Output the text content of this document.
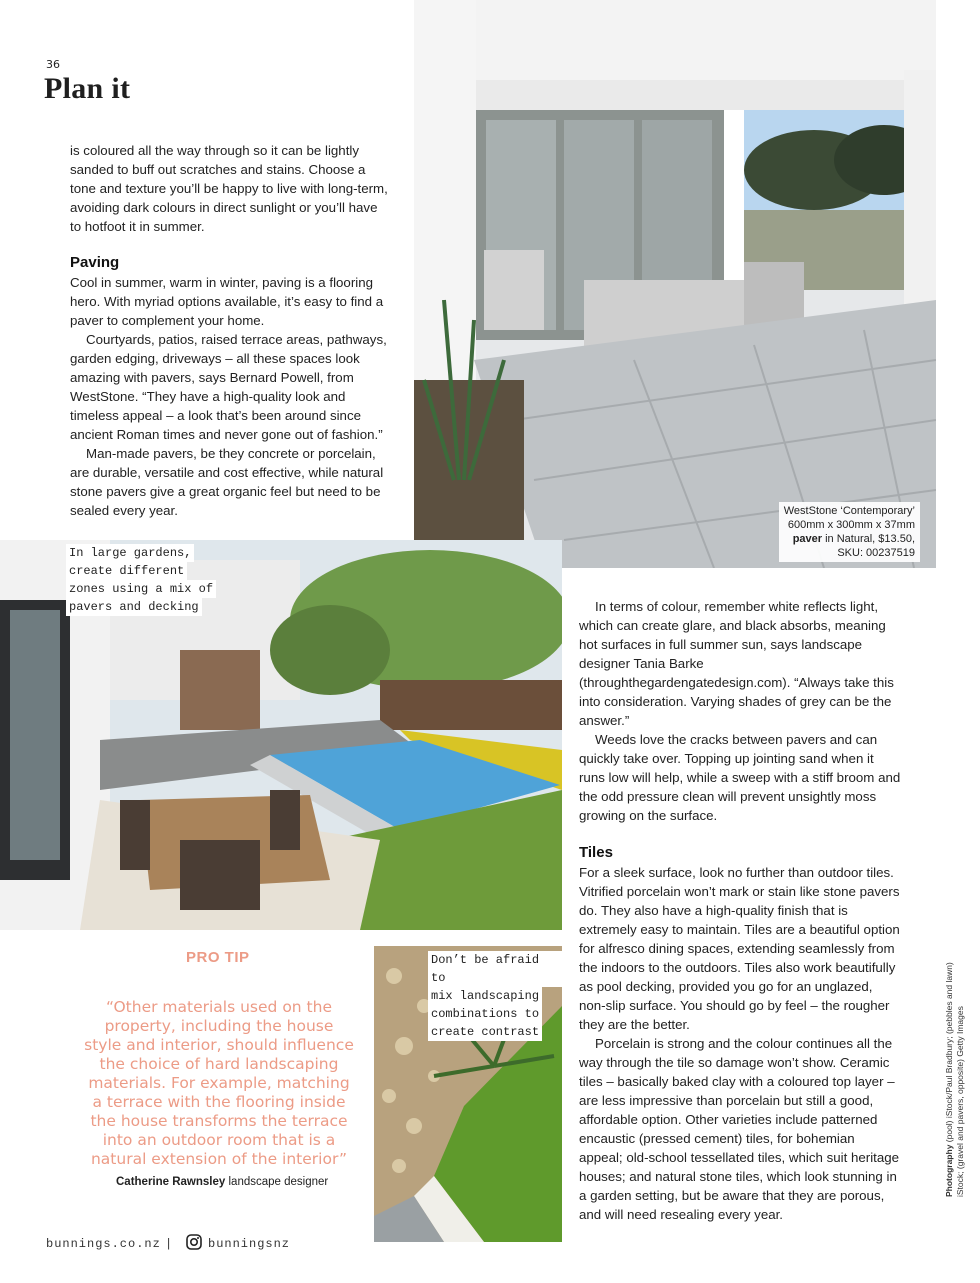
36
Plan it

is coloured all the way through so it can be lightly sanded to buff out scratches and stains. Choose a tone and texture you’ll be happy to live with long-term, avoiding dark colours in direct sunlight or you’ll have to hotfoot it in summer.

Paving

Cool in summer, warm in winter, paving is a flooring hero. With myriad options available, it’s easy to find a paver to complement your home.

Courtyards, patios, raised terrace areas, pathways, garden edging, driveways – all these spaces look amazing with pavers, says Bernard Powell, from WestStone. “They have a high-quality look and timeless appeal – a look that’s been around since ancient Roman times and never gone out of fashion.”

Man-made pavers, be they concrete or porcelain, are durable, versatile and cost effective, while natural stone pavers give a great organic feel but need to be sealed every year.	WestStone ‘Contemporary’
600mm x 300mm x 37mm
paver in Natural, $13.50,
SKU: 00237519
In large gardens,
create different
zones using a mix of
pavers and decking	In terms of colour, remember white reflects light, which can create glare, and black absorbs, meaning hot surfaces in full summer sun, says landscape designer Tania Barke (throughthegardengatedesign.com). “Always take this into consideration. Varying shades of grey can be the answer.”

Weeds love the cracks between pavers and can quickly take over. Topping up jointing sand when it runs low will help, while a sweep with a stiff broom and the odd pressure clean will prevent unsightly moss growing on the surface.

Tiles

For a sleek surface, look no further than outdoor tiles. Vitrified porcelain won’t mark or stain like stone pavers do. They also have a high-quality finish that is extremely easy to maintain. Tiles are a beautiful option for alfresco dining spaces, extending seamlessly from the indoors to the outdoors. Tiles also work beautifully as pool decking, provided you go for an unglazed, non-slip surface. You should go by feel – the rougher they are the better.

Porcelain is strong and the colour continues all the way through the tile so damage won’t show. Ceramic tiles – basically baked clay with a coloured top layer – are less impressive than porcelain but still a good, affordable option. Other varieties include patterned encaustic (pressed cement) tiles, for bohemian appeal; old-school tessellated tiles, which suit heritage houses; and natural stone tiles, which look stunning in a garden setting, but be aware that they are porous, and will need resealing every year.

PRO TIP
“Other materials used on the property, including the house style and interior, should influence the choice of hard landscaping materials. For example, matching a terrace with the flooring inside the house transforms the terrace into an outdoor room that is a natural extension of the interior”
Catherine Rawnsley landscape designer
Don’t be afraid to
mix landscaping
combinations to
create contrast
Photography (pool) iStock/Paul Bradbury; (pebbles and lawn) iStock; (gravel and pavers, opposite) Getty Images
bunnings.co.nz |	bunningsnz
